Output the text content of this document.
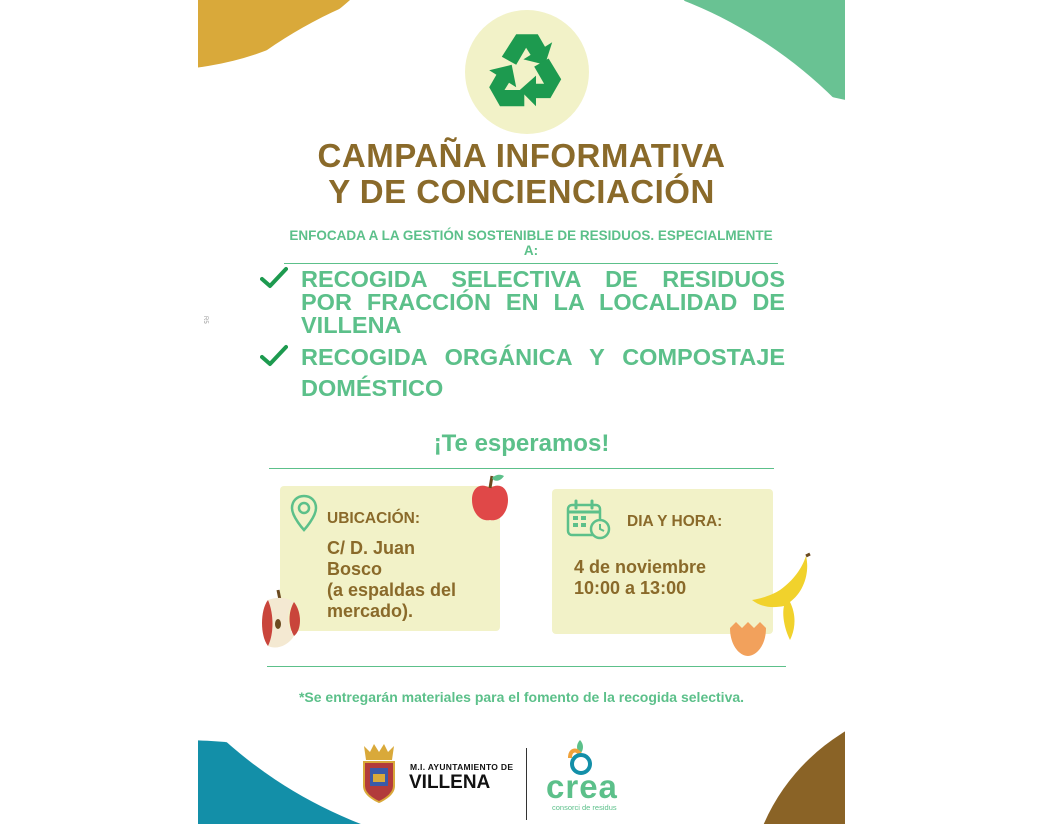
CAMPAÑA INFORMATIVA
Y DE CONCIENCIACIÓN
ENFOCADA A LA GESTIÓN SOSTENIBLE DE RESIDUOS. ESPECIALMENTE A:
RECOGIDA SELECTIVA DE RESIDUOS
POR FRACCIÓN EN LA LOCALIDAD DE
VILLENA
RECOGIDA ORGÁNICA Y COMPOSTAJE
DOMÉSTICO
¡Te esperamos!
UBICACIÓN:
C/ D. Juan
Bosco
(a espaldas del
mercado).
DIA Y HORA:
4 de noviembre
10:00 a 13:00
*Se entregarán materiales para el fomento de la recogida selectiva.
M.I. AYUNTAMIENTO DE
VILLENA crea
consorci de residus
R5
